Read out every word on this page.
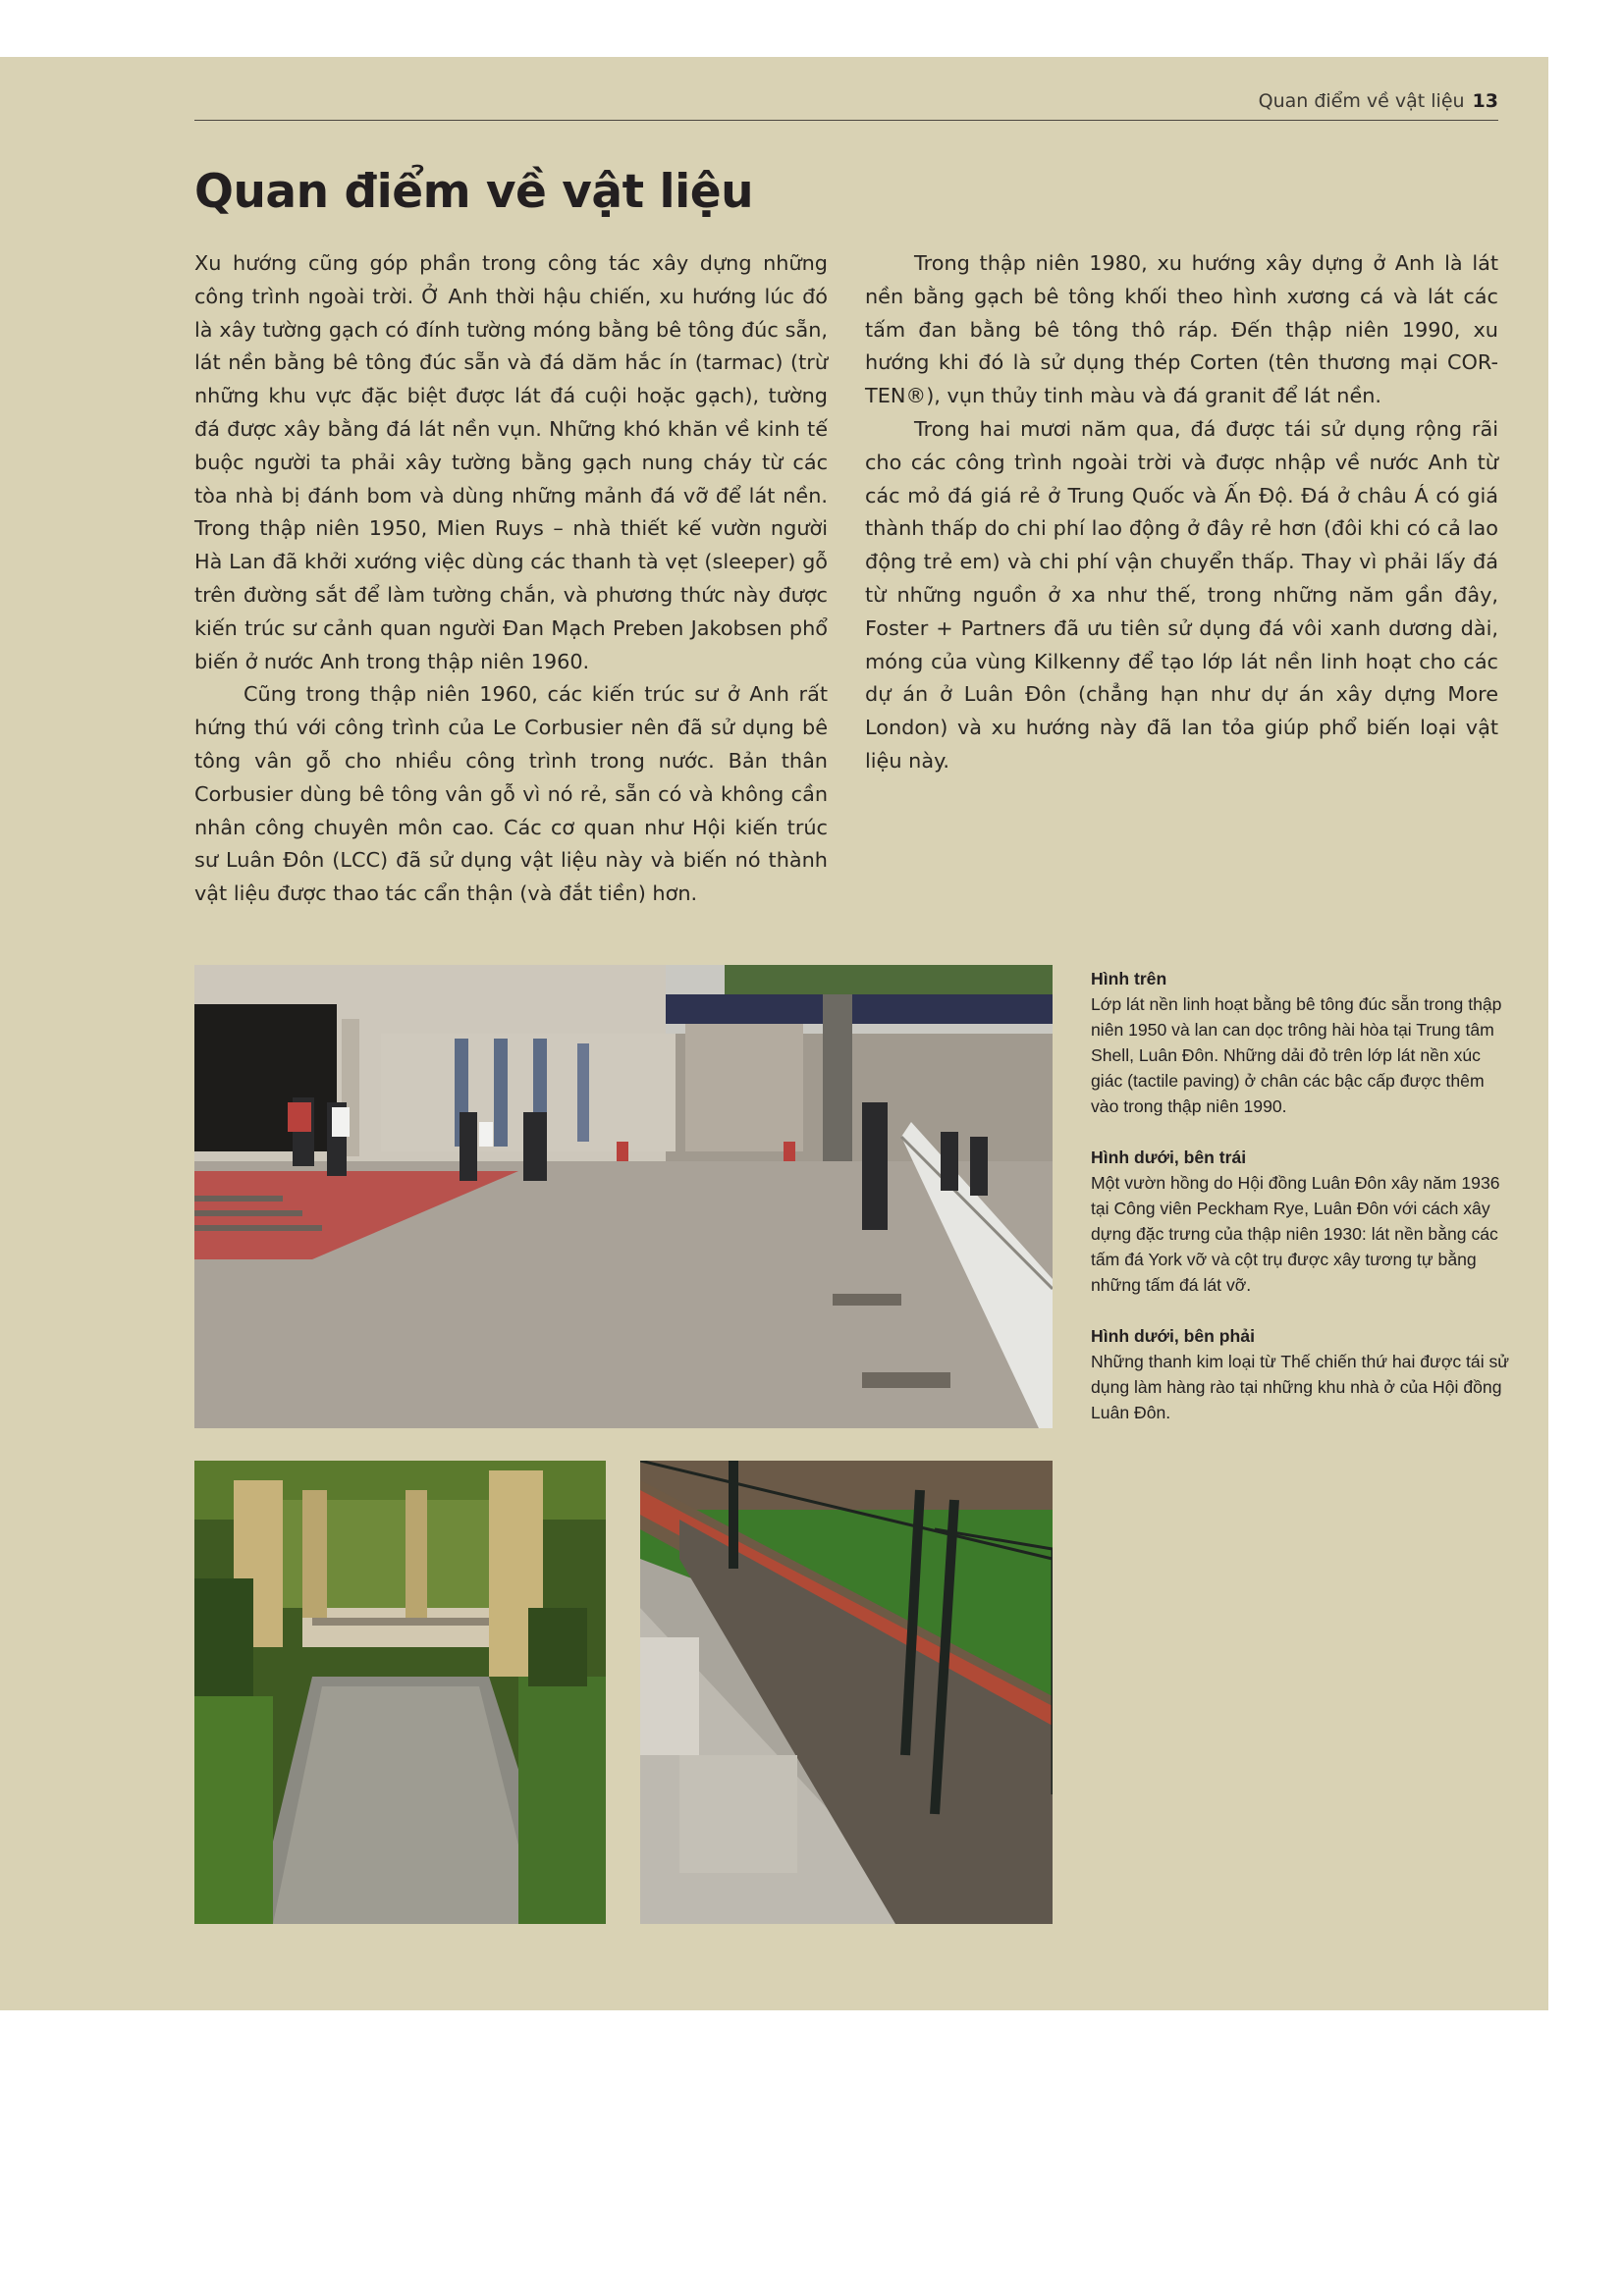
Quan điểm về vật liệu 13
Quan điểm về vật liệu

Xu hướng cũng góp phần trong công tác xây dựng những công trình ngoài trời. Ở Anh thời hậu chiến, xu hướng lúc đó là xây tường gạch có đính tường móng bằng bê tông đúc sẵn, lát nền bằng bê tông đúc sẵn và đá dăm hắc ín (tarmac) (trừ những khu vực đặc biệt được lát đá cuội hoặc gạch), tường đá được xây bằng đá lát nền vụn. Những khó khăn về kinh tế buộc người ta phải xây tường bằng gạch nung cháy từ các tòa nhà bị đánh bom và dùng những mảnh đá vỡ để lát nền. Trong thập niên 1950, Mien Ruys – nhà thiết kế vườn người Hà Lan đã khởi xướng việc dùng các thanh tà vẹt (sleeper) gỗ trên đường sắt để làm tường chắn, và phương thức này được kiến trúc sư cảnh quan người Đan Mạch Preben Jakobsen phổ biến ở nước Anh trong thập niên 1960.

Cũng trong thập niên 1960, các kiến trúc sư ở Anh rất hứng thú với công trình của Le Corbusier nên đã sử dụng bê tông vân gỗ cho nhiều công trình trong nước. Bản thân Corbusier dùng bê tông vân gỗ vì nó rẻ, sẵn có và không cần nhân công chuyên môn cao. Các cơ quan như Hội kiến trúc sư Luân Đôn (LCC) đã sử dụng vật liệu này và biến nó thành vật liệu được thao tác cẩn thận (và đắt tiền) hơn.

Trong thập niên 1980, xu hướng xây dựng ở Anh là lát nền bằng gạch bê tông khối theo hình xương cá và lát các tấm đan bằng bê tông thô ráp. Đến thập niên 1990, xu hướng khi đó là sử dụng thép Corten (tên thương mại COR-TEN®), vụn thủy tinh màu và đá granit để lát nền.

Trong hai mươi năm qua, đá được tái sử dụng rộng rãi cho các công trình ngoài trời và được nhập về nước Anh từ các mỏ đá giá rẻ ở Trung Quốc và Ấn Độ. Đá ở châu Á có giá thành thấp do chi phí lao động ở đây rẻ hơn (đôi khi có cả lao động trẻ em) và chi phí vận chuyển thấp. Thay vì phải lấy đá từ những nguồn ở xa như thế, trong những năm gần đây, Foster + Partners đã ưu tiên sử dụng đá vôi xanh dương dài, móng của vùng Kilkenny để tạo lớp lát nền linh hoạt cho các dự án ở Luân Đôn (chẳng hạn như dự án xây dựng More London) và xu hướng này đã lan tỏa giúp phổ biến loại vật liệu này.

Hình trên
Lớp lát nền linh hoạt bằng bê tông đúc sẵn trong thập niên 1950 và lan can dọc trông hài hòa tại Trung tâm Shell, Luân Đôn. Những dải đỏ trên lớp lát nền xúc giác (tactile paving) ở chân các bậc cấp được thêm vào trong thập niên 1990.
Hình dưới, bên trái
Một vườn hồng do Hội đồng Luân Đôn xây năm 1936 tại Công viên Peckham Rye, Luân Đôn với cách xây dựng đặc trưng của thập niên 1930: lát nền bằng các tấm đá York vỡ và cột trụ được xây tương tự bằng những tấm đá lát vỡ.
Hình dưới, bên phải
Những thanh kim loại từ Thế chiến thứ hai được tái sử dụng làm hàng rào tại những khu nhà ở của Hội đồng Luân Đôn.
